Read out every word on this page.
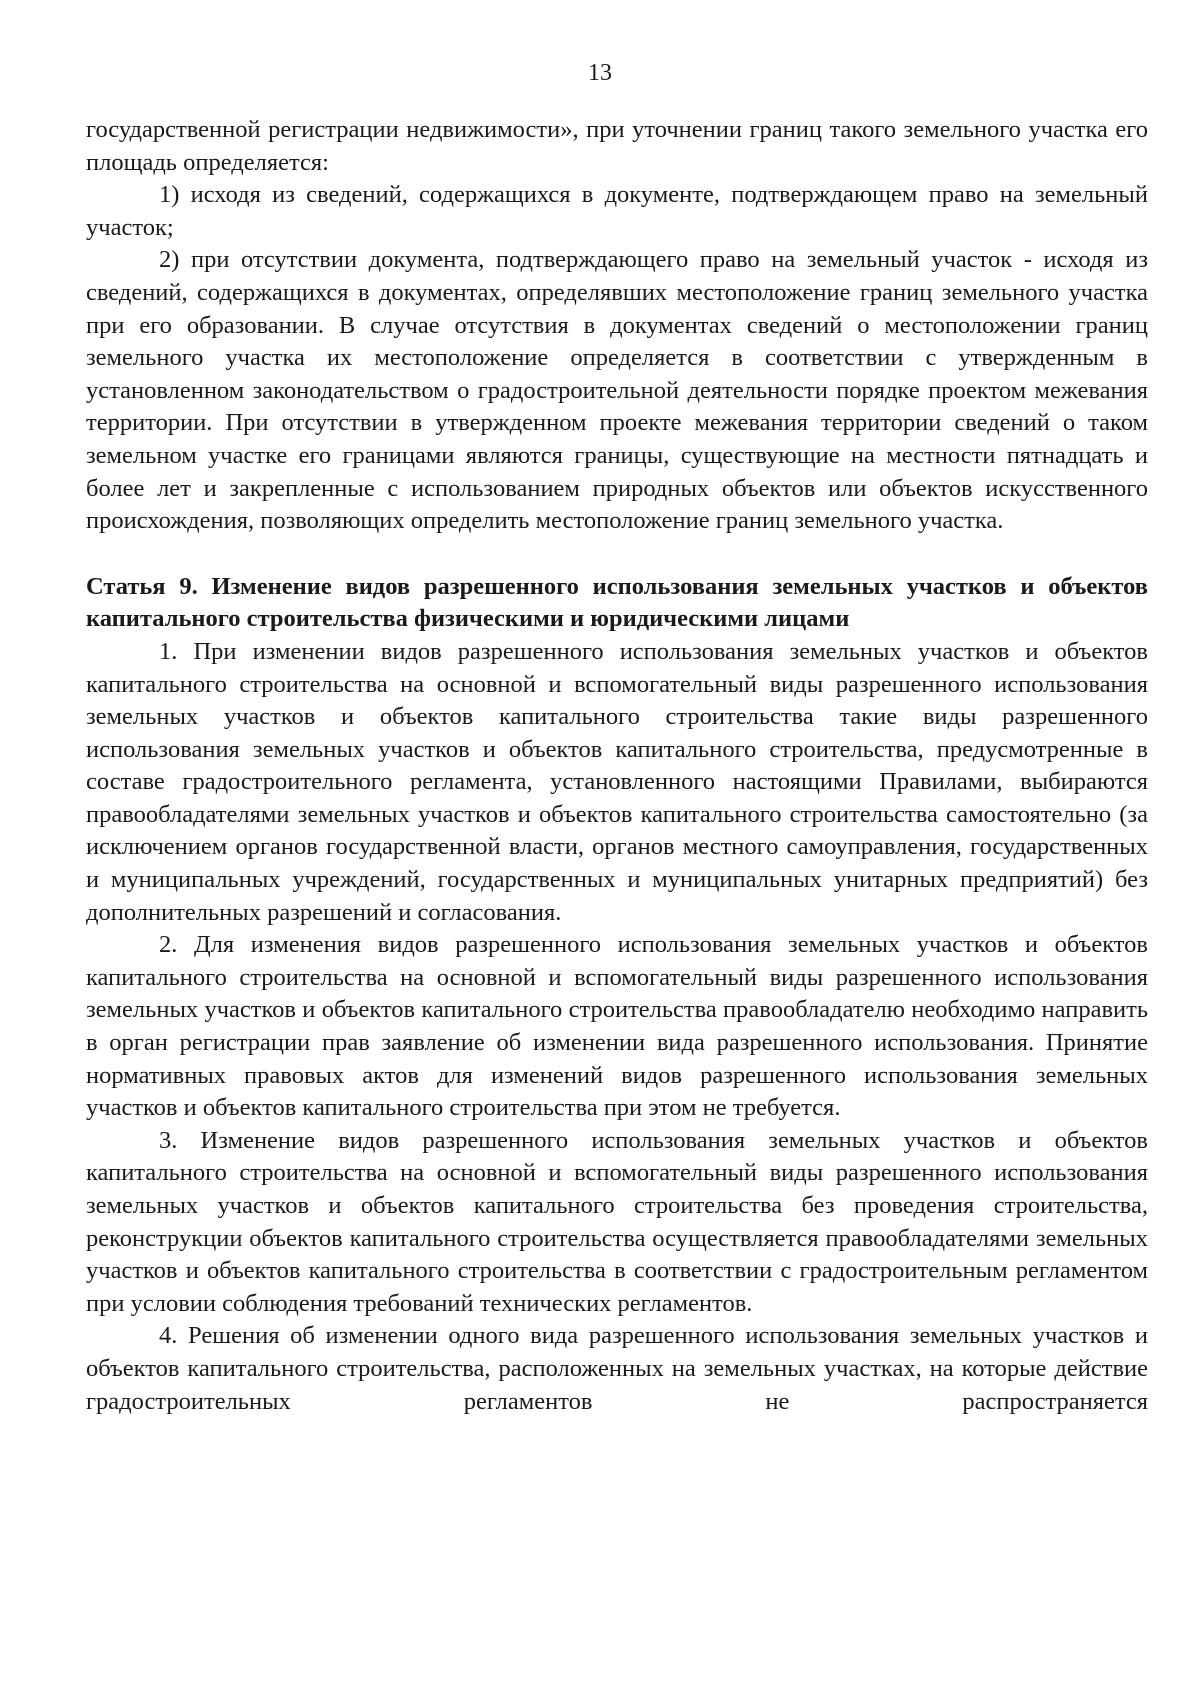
13

государственной регистрации недвижимости», при уточнении границ такого земельного участка его площадь определяется:

1) исходя из сведений, содержащихся в документе, подтверждающем право на земельный участок;

2) при отсутствии документа, подтверждающего право на земельный участок - исходя из сведений, содержащихся в документах, определявших местоположение границ земельного участка при его образовании. В случае отсутствия в документах сведений о местоположении границ земельного участка их местоположение определяется в соответствии с утвержденным в установленном законодательством о градостроительной деятельности порядке проектом межевания территории. При отсутствии в утвержденном проекте межевания территории сведений о таком земельном участке его границами являются границы, существующие на местности пятнадцать и более лет и закрепленные с использованием природных объектов или объектов искусственного происхождения, позволяющих определить местоположение границ земельного участка.

Статья 9. Изменение видов разрешенного использования земельных участков и объектов капитального строительства физическими и юридическими лицами

1. При изменении видов разрешенного использования земельных участков и объектов капитального строительства на основной и вспомогательный виды разрешенного использования земельных участков и объектов капитального строительства такие виды разрешенного использования земельных участков и объектов капитального строительства, предусмотренные в составе градостроительного регламента, установленного настоящими Правилами, выбираются правообладателями земельных участков и объектов капитального строительства самостоятельно (за исключением органов государственной власти, органов местного самоуправления, государственных и муниципальных учреждений, государственных и муниципальных унитарных предприятий) без дополнительных разрешений и согласования.

2. Для изменения видов разрешенного использования земельных участков и объектов капитального строительства на основной и вспомогательный виды разрешенного использования земельных участков и объектов капитального строительства правообладателю необходимо направить в орган регистрации прав заявление об изменении вида разрешенного использования. Принятие нормативных правовых актов для изменений видов разрешенного использования земельных участков и объектов капитального строительства при этом не требуется.

3. Изменение видов разрешенного использования земельных участков и объектов капитального строительства на основной и вспомогательный виды разрешенного использования земельных участков и объектов капитального строительства без проведения строительства, реконструкции объектов капитального строительства осуществляется правообладателями земельных участков и объектов капитального строительства в соответствии с градостроительным регламентом при условии соблюдения требований технических регламентов.

4. Решения об изменении одного вида разрешенного использования земельных участков и объектов капитального строительства, расположенных на земельных участках, на которые действие градостроительных регламентов не распространяется
